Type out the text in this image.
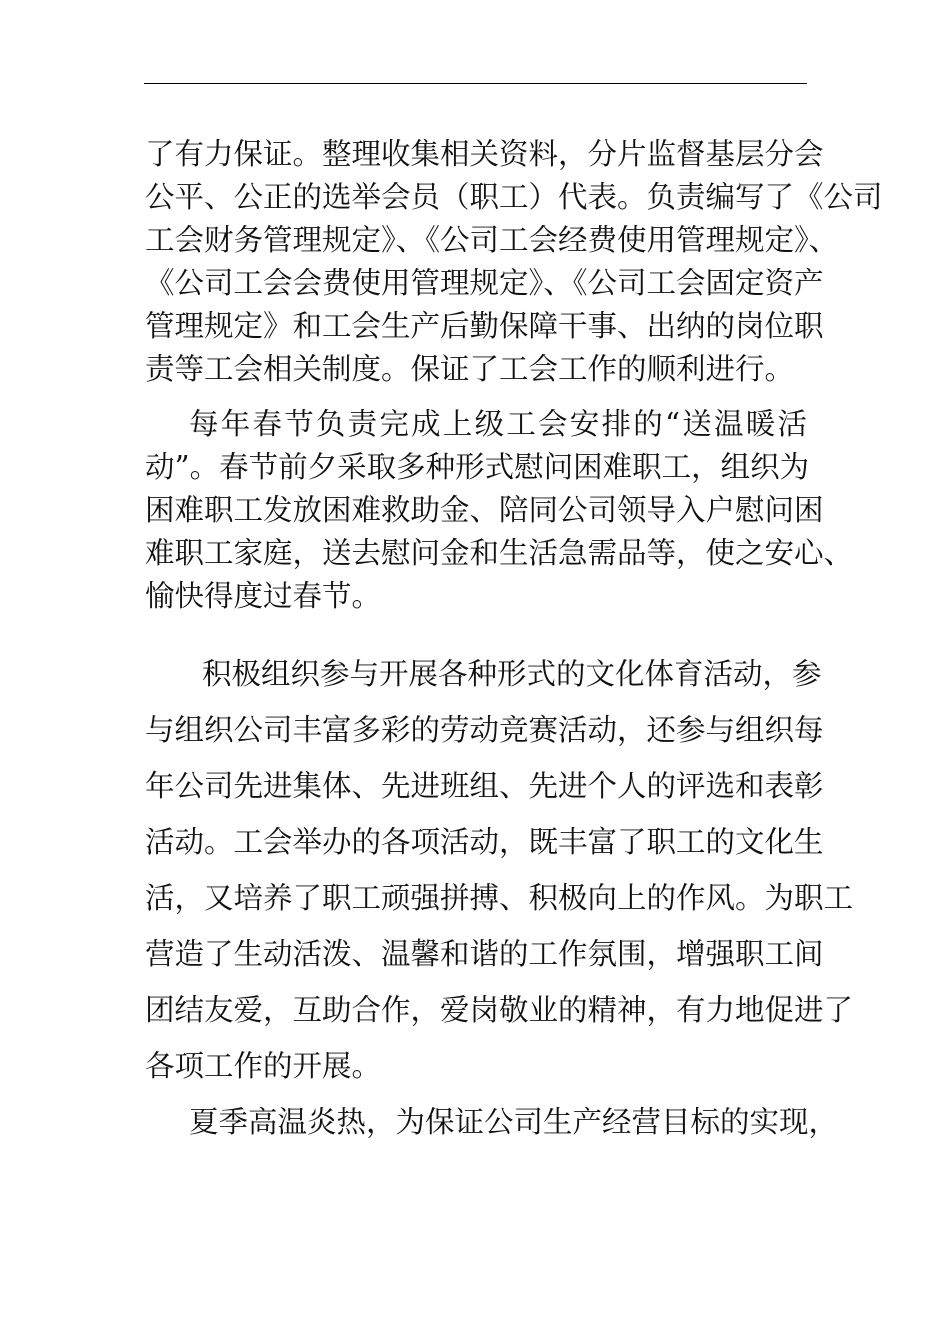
了有力保证。整理收集相关资料，分片监督基层分会
公平、公正的选举会员（职工）代表。负责编写了《公司
工会财务管理规定》、《公司工会经费使用管理规定》、
《公司工会会费使用管理规定》、《公司工会固定资产
管理规定》和工会生产后勤保障干事、出纳的岗位职
责等工会相关制度。保证了工会工作的顺利进行。
每年春节负责完成上级工会安排的“送温暖活
动”。春节前夕采取多种形式慰问困难职工，组织为
困难职工发放困难救助金、陪同公司领导入户慰问困
难职工家庭，送去慰问金和生活急需品等，使之安心、
愉快得度过春节。
积极组织参与开展各种形式的文化体育活动，参
与组织公司丰富多彩的劳动竞赛活动，还参与组织每
年公司先进集体、先进班组、先进个人的评选和表彰
活动。工会举办的各项活动，既丰富了职工的文化生
活，又培养了职工顽强拼搏、积极向上的作风。为职工
营造了生动活泼、温馨和谐的工作氛围，增强职工间
团结友爱，互助合作，爱岗敬业的精神，有力地促进了
各项工作的开展。
夏季高温炎热，为保证公司生产经营目标的实现，
